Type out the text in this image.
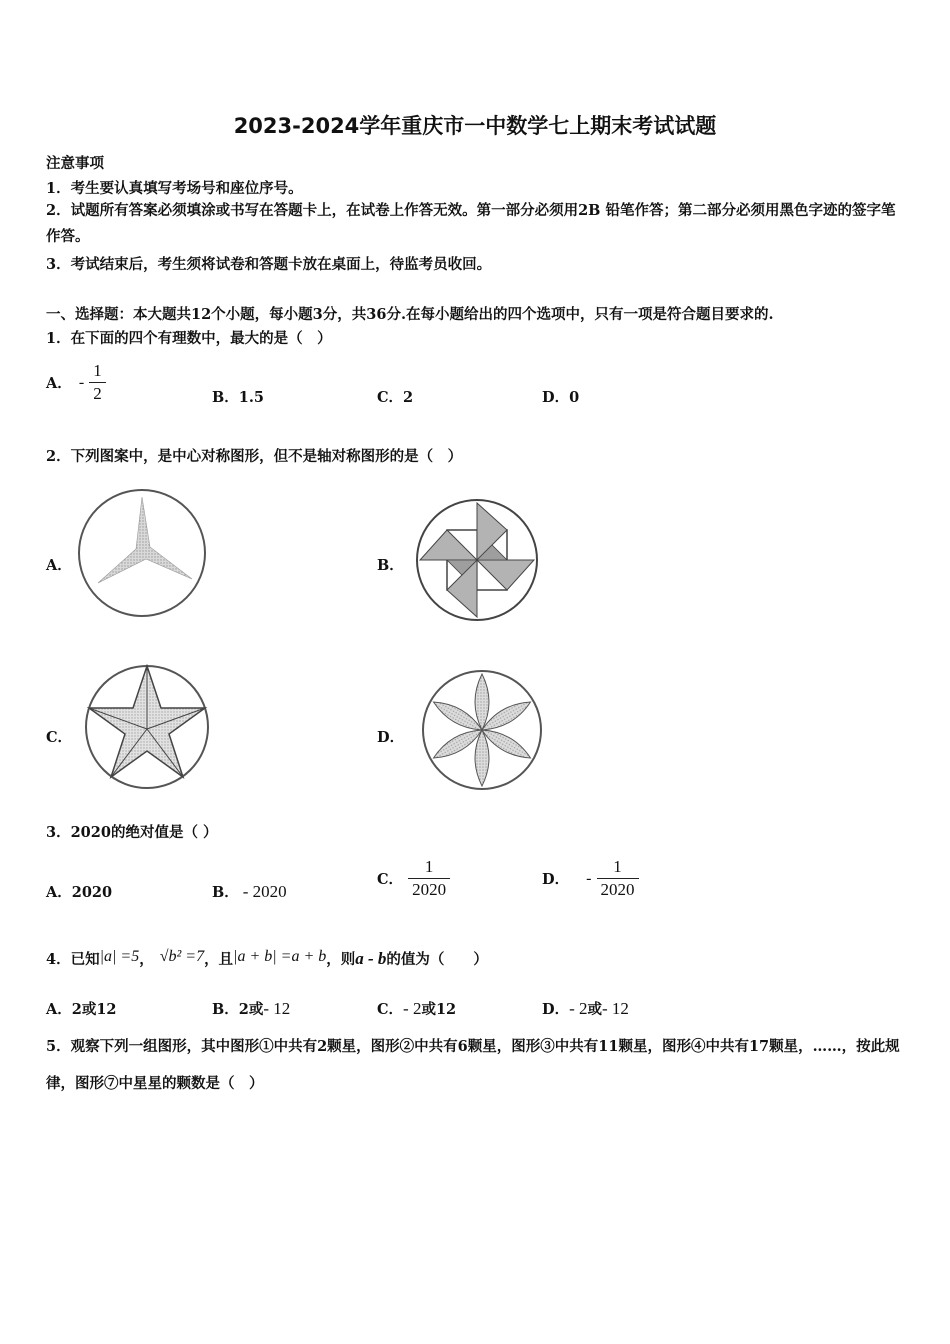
2023-2024学年重庆市一中数学七上期末考试试题
注意事项
1．考生要认真填写考场号和座位序号。
2．试题所有答案必须填涂或书写在答题卡上，在试卷上作答无效。第一部分必须用2B 铅笔作答；第二部分必须用黑色字迹的签字笔作答。
3．考试结束后，考生须将试卷和答题卡放在桌面上，待监考员收回。
一、选择题：本大题共12个小题，每小题3分，共36分.在每小题给出的四个选项中，只有一项是符合题目要求的.
1．在下面的四个有理数中，最大的是（　）
A． - $\frac{1}{2}$	B．1.5	C．2	D．0
2．下列图案中，是中心对称图形，但不是轴对称图形的是（　）
A．	B．
C．	D．
3．2020的绝对值是（ ）
A．2020	B． - 2020
C． $\frac{1}{2020}$	D． - $\frac{1}{2020}$
4．已知|a| =5， √b² =7，且|a + b| =a + b，则a - b的值为（　　）
A．2或12	B．2或- 12	C．- 2或12	D．- 2或- 12
5．观察下列一组图形，其中图形①中共有2颗星，图形②中共有6颗星，图形③中共有11颗星，图形④中共有17颗星，……，按此规律，图形⑦中星星的颗数是（　）
